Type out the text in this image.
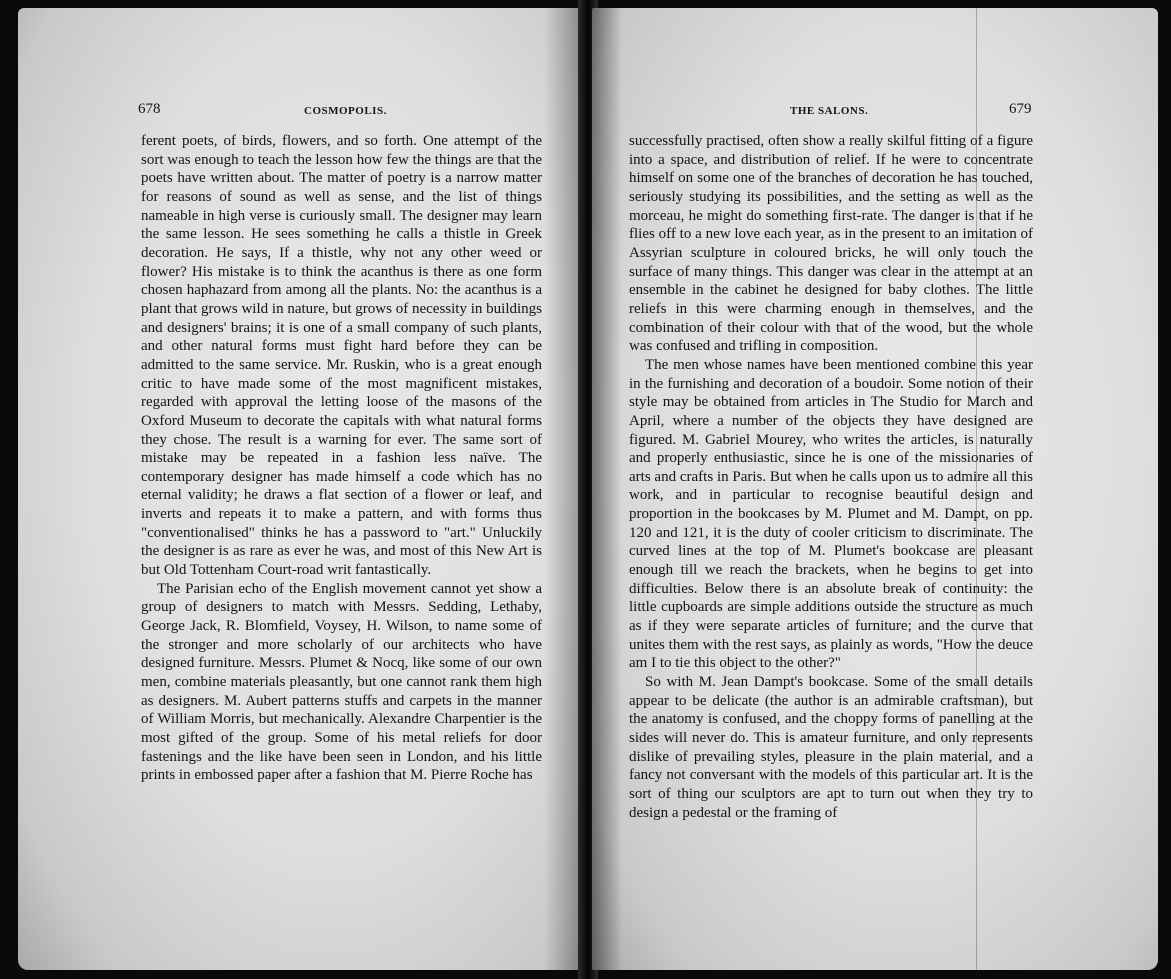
678	COSMOPOLIS.

ferent poets, of birds, flowers, and so forth. One attempt of the sort was enough to teach the lesson how few the things are that the poets have written about. The matter of poetry is a narrow matter for reasons of sound as well as sense, and the list of things nameable in high verse is curiously small. The designer may learn the same lesson. He sees something he calls a thistle in Greek decoration. He says, If a thistle, why not any other weed or flower? His mistake is to think the acanthus is there as one form chosen haphazard from among all the plants. No: the acanthus is a plant that grows wild in nature, but grows of necessity in buildings and designers' brains; it is one of a small company of such plants, and other natural forms must fight hard before they can be admitted to the same service. Mr. Ruskin, who is a great enough critic to have made some of the most magnificent mistakes, regarded with approval the letting loose of the masons of the Oxford Museum to decorate the capitals with what natural forms they chose. The result is a warning for ever. The same sort of mistake may be repeated in a fashion less naïve. The contemporary designer has made himself a code which has no eternal validity; he draws a flat section of a flower or leaf, and inverts and repeats it to make a pattern, and with forms thus "conventionalised" thinks he has a password to "art." Unluckily the designer is as rare as ever he was, and most of this New Art is but Old Tottenham Court-road writ fantastically.

The Parisian echo of the English movement cannot yet show a group of designers to match with Messrs. Sedding, Lethaby, George Jack, R. Blomfield, Voysey, H. Wilson, to name some of the stronger and more scholarly of our architects who have designed furniture. Messrs. Plumet & Nocq, like some of our own men, combine materials pleasantly, but one cannot rank them high as designers. M. Aubert patterns stuffs and carpets in the manner of William Morris, but mechanically. Alexandre Charpentier is the most gifted of the group. Some of his metal reliefs for door fastenings and the like have been seen in London, and his little prints in embossed paper after a fashion that M. Pierre Roche has

THE SALONS.	679

successfully practised, often show a really skilful fitting of a figure into a space, and distribution of relief. If he were to concentrate himself on some one of the branches of decoration he has touched, seriously studying its possibilities, and the setting as well as the morceau, he might do something first-rate. The danger is that if he flies off to a new love each year, as in the present to an imitation of Assyrian sculpture in coloured bricks, he will only touch the surface of many things. This danger was clear in the attempt at an ensemble in the cabinet he designed for baby clothes. The little reliefs in this were charming enough in themselves, and the combination of their colour with that of the wood, but the whole was confused and trifling in composition.

The men whose names have been mentioned combine this year in the furnishing and decoration of a boudoir. Some notion of their style may be obtained from articles in The Studio for March and April, where a number of the objects they have designed are figured. M. Gabriel Mourey, who writes the articles, is naturally and properly enthusiastic, since he is one of the missionaries of arts and crafts in Paris. But when he calls upon us to admire all this work, and in particular to recognise beautiful design and proportion in the bookcases by M. Plumet and M. Dampt, on pp. 120 and 121, it is the duty of cooler criticism to discriminate. The curved lines at the top of M. Plumet's bookcase are pleasant enough till we reach the brackets, when he begins to get into difficulties. Below there is an absolute break of continuity: the little cupboards are simple additions outside the structure as much as if they were separate articles of furniture; and the curve that unites them with the rest says, as plainly as words, "How the deuce am I to tie this object to the other?"

So with M. Jean Dampt's bookcase. Some of the small details appear to be delicate (the author is an admirable craftsman), but the anatomy is confused, and the choppy forms of panelling at the sides will never do. This is amateur furniture, and only represents dislike of prevailing styles, pleasure in the plain material, and a fancy not conversant with the models of this particular art. It is the sort of thing our sculptors are apt to turn out when they try to design a pedestal or the framing of
